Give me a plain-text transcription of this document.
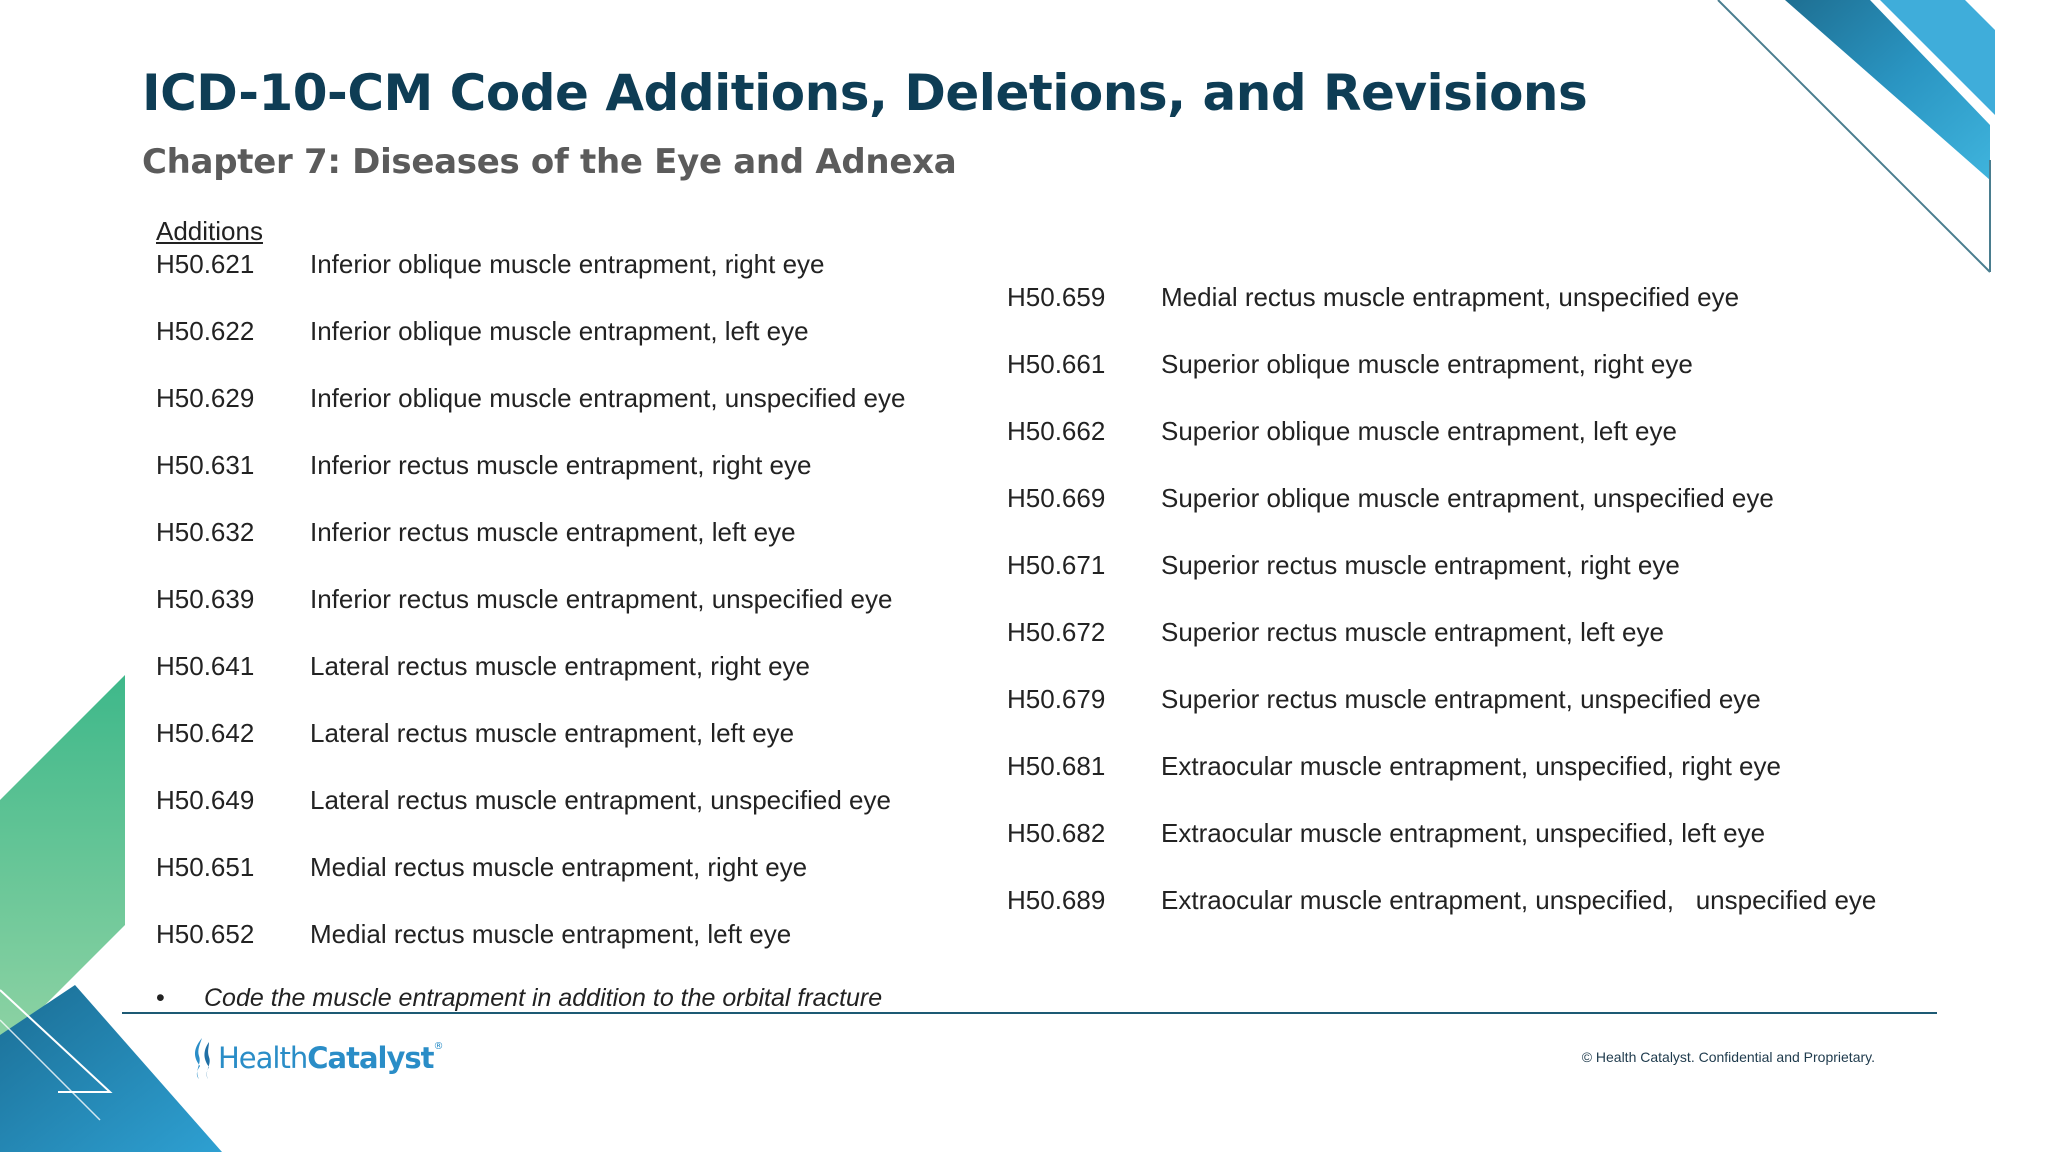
ICD-10-CM Code Additions, Deletions, and Revisions
Chapter 7: Diseases of the Eye and Adnexa
Additions
H50.621	Inferior oblique muscle entrapment, right eye
H50.622	Inferior oblique muscle entrapment, left eye
H50.629	Inferior oblique muscle entrapment, unspecified eye
H50.631	Inferior rectus muscle entrapment, right eye
H50.632	Inferior rectus muscle entrapment, left eye
H50.639	Inferior rectus muscle entrapment, unspecified eye
H50.641	Lateral rectus muscle entrapment, right eye
H50.642	Lateral rectus muscle entrapment, left eye
H50.649	Lateral rectus muscle entrapment, unspecified eye
H50.651	Medial rectus muscle entrapment, right eye
H50.652	Medial rectus muscle entrapment, left eye
H50.659	Medial rectus muscle entrapment, unspecified eye
H50.661	Superior oblique muscle entrapment, right eye
H50.662	Superior oblique muscle entrapment, left eye
H50.669	Superior oblique muscle entrapment, unspecified eye
H50.671	Superior rectus muscle entrapment, right eye
H50.672	Superior rectus muscle entrapment, left eye
H50.679	Superior rectus muscle entrapment, unspecified eye
H50.681	Extraocular muscle entrapment, unspecified, right eye
H50.682	Extraocular muscle entrapment, unspecified, left eye
H50.689	Extraocular muscle entrapment, unspecified,   unspecified eye
• Code the muscle entrapment in addition to the orbital fracture
HealthCatalyst®
© Health Catalyst. Confidential and Proprietary.
